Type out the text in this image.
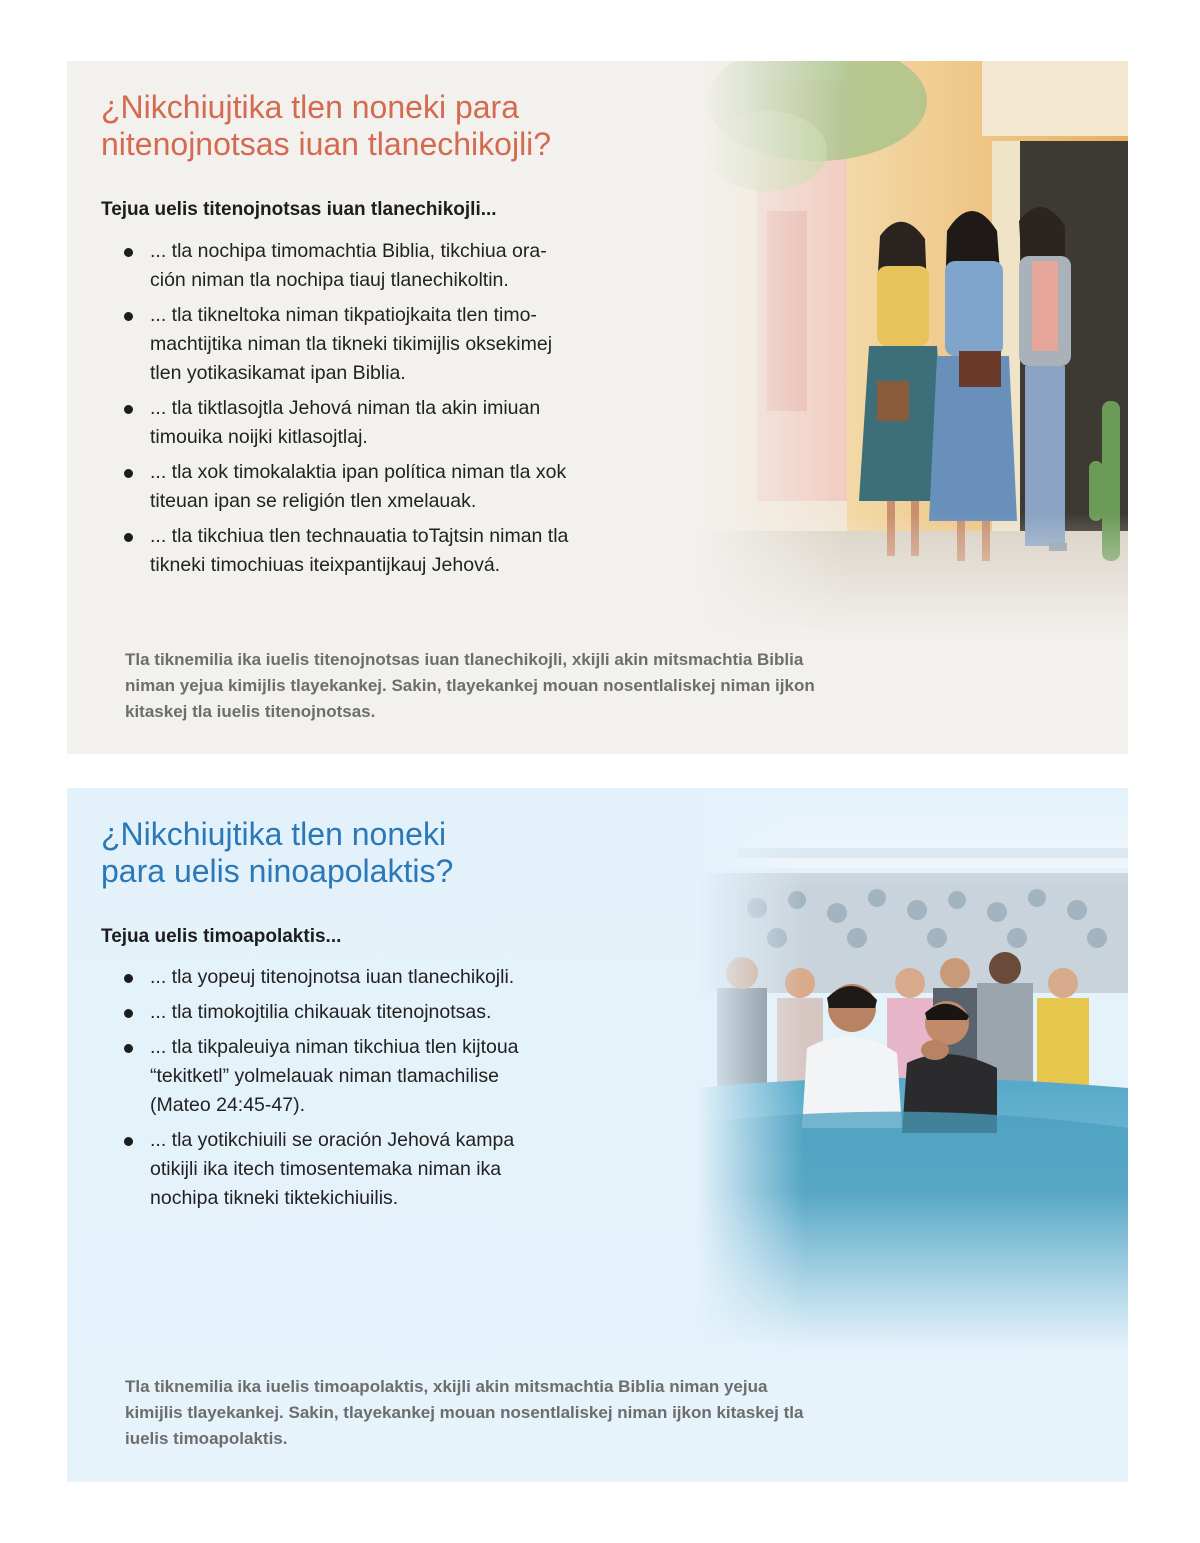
¿Nikchiujtika tlen noneki para
nitenojnotsas iuan tlanechikojli?

Tejua uelis titenojnotsas iuan tlanechikojli...

... tla nochipa timomachtia Biblia, tikchiua ora-
ción niman tla nochipa tiauj tlanechikoltin.
... tla tikneltoka niman tikpatiojkaita tlen timo-
machtijtika niman tla tikneki tikimijlis oksekimej
tlen yotikasikamat ipan Biblia.
... tla tiktlasojtla Jehová niman tla akin imiuan
timouika noijki kitlasojtlaj.
... tla xok timokalaktia ipan política niman tla xok
titeuan ipan se religión tlen xmelauak.
... tla tikchiua tlen technauatia toTajtsin niman tla
tikneki timochiuas iteixpantijkauj Jehová.

Tla tiknemilia ika iuelis titenojnotsas iuan tlanechikojli, xkijli akin mitsmachtia Biblia
niman yejua kimijlis tlayekankej. Sakin, tlayekankej mouan nosentlaliskej niman ijkon
kitaskej tla iuelis titenojnotsas.

¿Nikchiujtika tlen noneki
para uelis ninoapolaktis?

Tejua uelis timoapolaktis...

... tla yopeuj titenojnotsa iuan tlanechikojli.
... tla timokojtilia chikauak titenojnotsas.
... tla tikpaleuiya niman tikchiua tlen kijtoua
“tekitketl” yolmelauak niman tlamachilise
(Mateo 24:45-47).
... tla yotikchiuili se oración Jehová kampa
otikijli ika itech timosentemaka niman ika
nochipa tikneki tiktekichiuilis.

Tla tiknemilia ika iuelis timoapolaktis, xkijli akin mitsmachtia Biblia niman yejua
kimijlis tlayekankej. Sakin, tlayekankej mouan nosentlaliskej niman ijkon kitaskej tla
iuelis timoapolaktis.
